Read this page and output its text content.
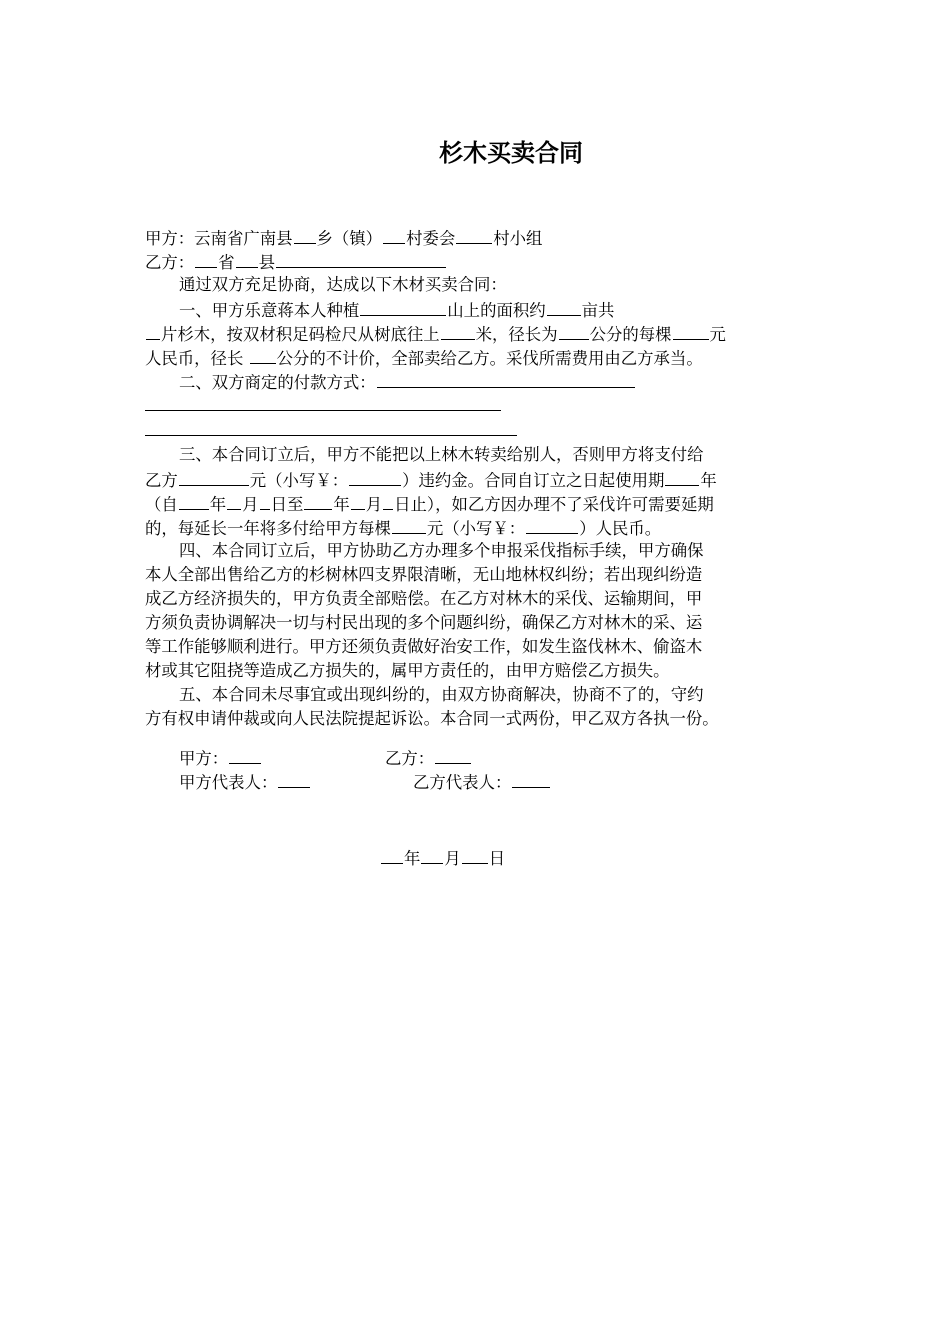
杉木买卖合同
甲方：云南省广南县 乡（镇） 村委会 村小组
乙方： 省 县
通过双方充足协商，达成以下木材买卖合同：
一、甲方乐意蒋本人种植	山上的面积约 亩共
片杉木，按双材积足码检尺从树底往上 米，径长为 公分的每棵 元
人民币，径长 公分的不计价，全部卖给乙方。采伐所需费用由乙方承当。
二、双方商定的付款方式：
三、本合同订立后，甲方不能把以上林木转卖给别人，否则甲方将支付给
乙方	元（小写￥：	）违约金。合同自订立之日起使用期 年
（自 年 月 日至 年 月 日止），如乙方因办理不了采伐许可需要延期
的，每延长一年将多付给甲方每棵 元（小写￥：	）人民币。
四、本合同订立后，甲方协助乙方办理多个申报采伐指标手续，甲方确保
本人全部出售给乙方的杉树林四支界限清晰，无山地林权纠纷；若出现纠纷造
成乙方经济损失的，甲方负责全部赔偿。在乙方对林木的采伐、运输期间，甲
方须负责协调解决一切与村民出现的多个问题纠纷，确保乙方对林木的采、运
等工作能够顺利进行。甲方还须负责做好治安工作，如发生盗伐林木、偷盗木
材或其它阻挠等造成乙方损失的，属甲方责任的，由甲方赔偿乙方损失。
五、本合同未尽事宜或出现纠纷的，由双方协商解决，协商不了的，守约
方有权申请仲裁或向人民法院提起诉讼。本合同一式两份，甲乙双方各执一份。
甲方：	乙方：
甲方代表人：	乙方代表人：
年 月 日
